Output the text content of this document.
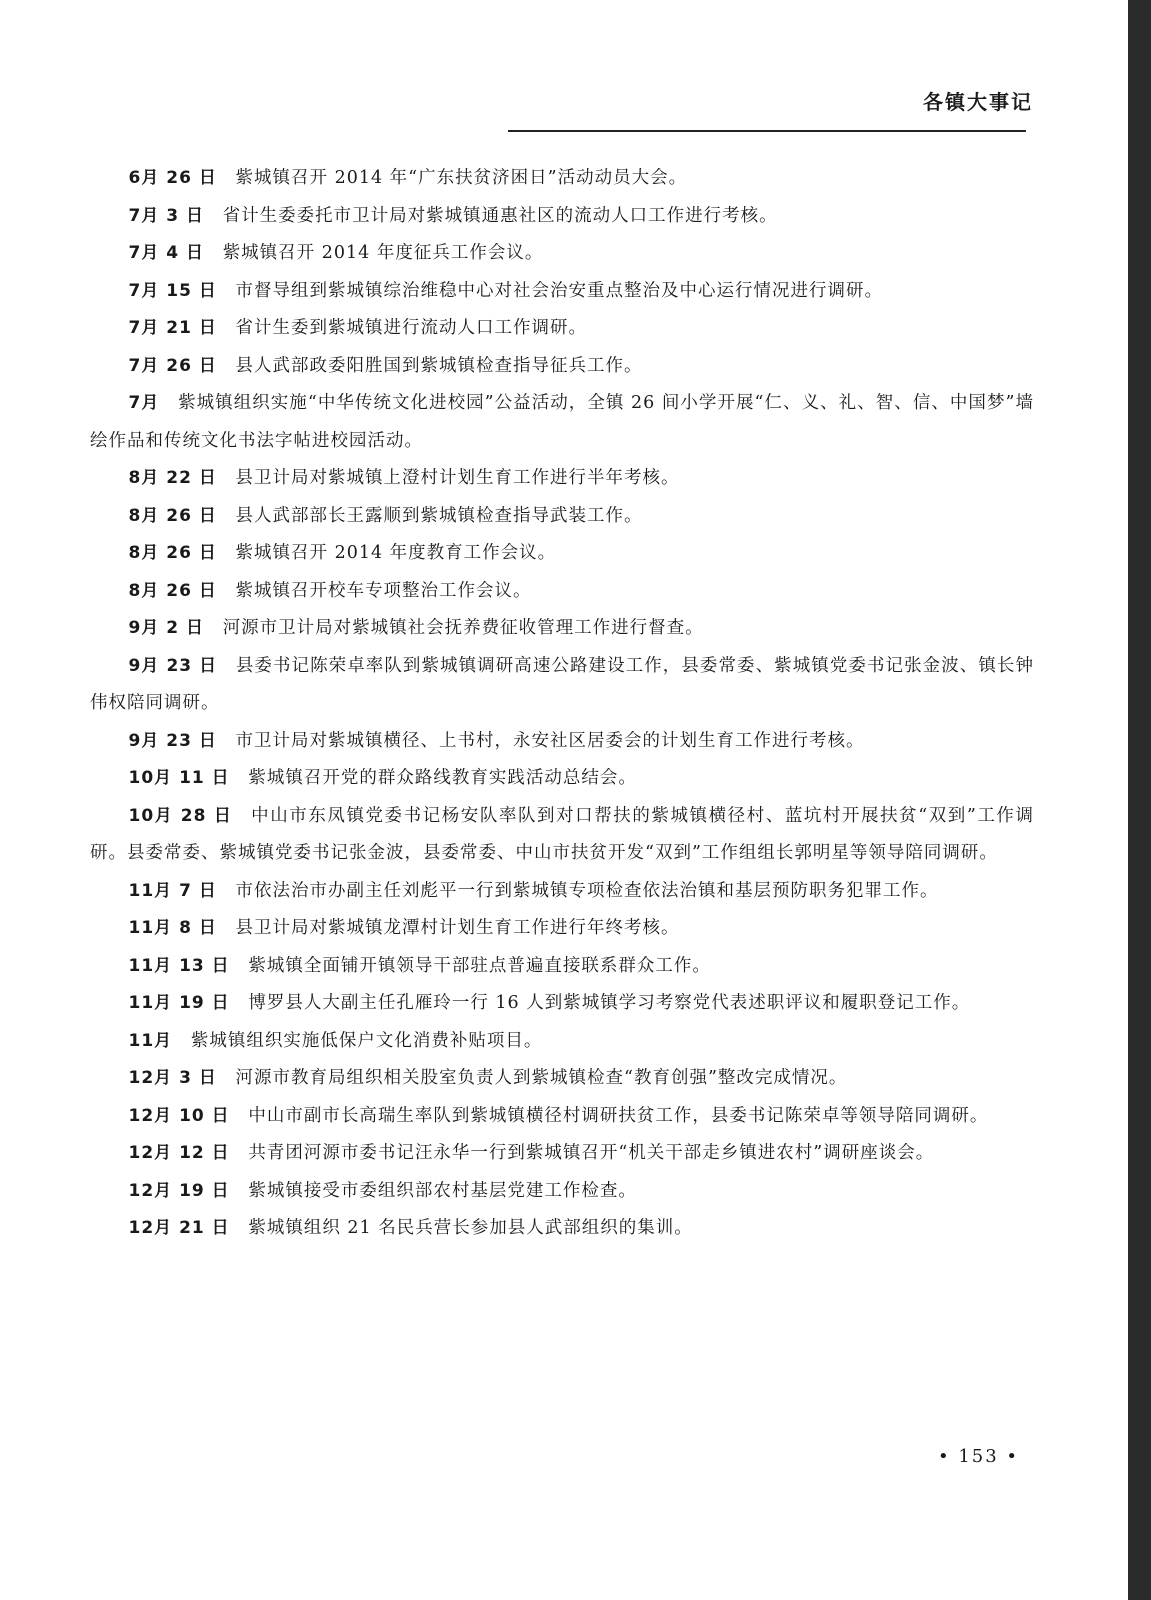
各镇大事记

6月 26 日 紫城镇召开 2014 年“广东扶贫济困日”活动动员大会。

7月 3 日 省计生委委托市卫计局对紫城镇通惠社区的流动人口工作进行考核。

7月 4 日 紫城镇召开 2014 年度征兵工作会议。

7月 15 日 市督导组到紫城镇综治维稳中心对社会治安重点整治及中心运行情况进行调研。

7月 21 日 省计生委到紫城镇进行流动人口工作调研。

7月 26 日 县人武部政委阳胜国到紫城镇检查指导征兵工作。

7月 紫城镇组织实施“中华传统文化进校园”公益活动，全镇 26 间小学开展“仁、义、礼、智、信、中国梦”墙绘作品和传统文化书法字帖进校园活动。

8月 22 日 县卫计局对紫城镇上澄村计划生育工作进行半年考核。

8月 26 日 县人武部部长王露顺到紫城镇检查指导武装工作。

8月 26 日 紫城镇召开 2014 年度教育工作会议。

8月 26 日 紫城镇召开校车专项整治工作会议。

9月 2 日 河源市卫计局对紫城镇社会抚养费征收管理工作进行督查。

9月 23 日 县委书记陈荣卓率队到紫城镇调研高速公路建设工作，县委常委、紫城镇党委书记张金波、镇长钟伟权陪同调研。

9月 23 日 市卫计局对紫城镇横径、上书村，永安社区居委会的计划生育工作进行考核。

10月 11 日 紫城镇召开党的群众路线教育实践活动总结会。

10月 28 日 中山市东凤镇党委书记杨安队率队到对口帮扶的紫城镇横径村、蓝坑村开展扶贫“双到”工作调研。县委常委、紫城镇党委书记张金波，县委常委、中山市扶贫开发“双到”工作组组长郭明星等领导陪同调研。

11月 7 日 市依法治市办副主任刘彪平一行到紫城镇专项检查依法治镇和基层预防职务犯罪工作。

11月 8 日 县卫计局对紫城镇龙潭村计划生育工作进行年终考核。

11月 13 日 紫城镇全面铺开镇领导干部驻点普遍直接联系群众工作。

11月 19 日 博罗县人大副主任孔雁玲一行 16 人到紫城镇学习考察党代表述职评议和履职登记工作。

11月 紫城镇组织实施低保户文化消费补贴项目。

12月 3 日 河源市教育局组织相关股室负责人到紫城镇检查“教育创强”整改完成情况。

12月 10 日 中山市副市长高瑞生率队到紫城镇横径村调研扶贫工作，县委书记陈荣卓等领导陪同调研。

12月 12 日 共青团河源市委书记汪永华一行到紫城镇召开“机关干部走乡镇进农村”调研座谈会。

12月 19 日 紫城镇接受市委组织部农村基层党建工作检查。

12月 21 日 紫城镇组织 21 名民兵营长参加县人武部组织的集训。

• 153 •
